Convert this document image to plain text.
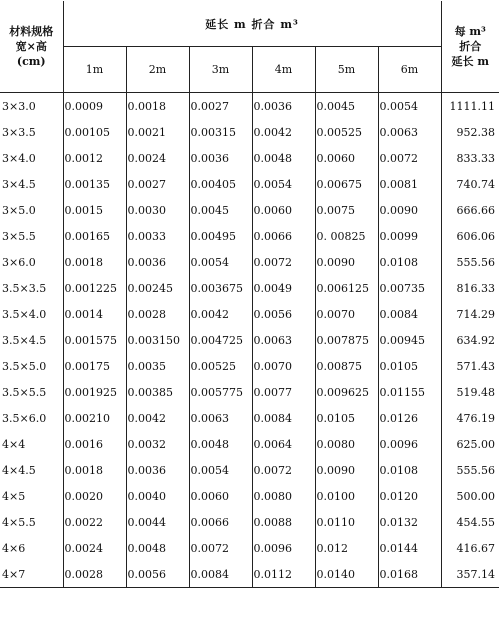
材料规格
宽×高
(cm)	延长 m 折合 m³						每 m³
折合
延长 m

	1m	2m	3m	4m	5m	6m	
3×3.0	0.0009	0.0018	0.0027	0.0036	0.0045	0.0054	1111.11
3×3.5	0.00105	0.0021	0.00315	0.0042	0.00525	0.0063	952.38
3×4.0	0.0012	0.0024	0.0036	0.0048	0.0060	0.0072	833.33
3×4.5	0.00135	0.0027	0.00405	0.0054	0.00675	0.0081	740.74
3×5.0	0.0015	0.0030	0.0045	0.0060	0.0075	0.0090	666.66
3×5.5	0.00165	0.0033	0.00495	0.0066	0. 00825	0.0099	606.06
3×6.0	0.0018	0.0036	0.0054	0.0072	0.0090	0.0108	555.56
3.5×3.5	0.001225	0.00245	0.003675	0.0049	0.006125	0.00735	816.33
3.5×4.0	0.0014	0.0028	0.0042	0.0056	0.0070	0.0084	714.29
3.5×4.5	0.001575	0.003150	0.004725	0.0063	0.007875	0.00945	634.92
3.5×5.0	0.00175	0.0035	0.00525	0.0070	0.00875	0.0105	571.43
3.5×5.5	0.001925	0.00385	0.005775	0.0077	0.009625	0.01155	519.48
3.5×6.0	0.00210	0.0042	0.0063	0.0084	0.0105	0.0126	476.19
4×4	0.0016	0.0032	0.0048	0.0064	0.0080	0.0096	625.00
4×4.5	0.0018	0.0036	0.0054	0.0072	0.0090	0.0108	555.56
4×5	0.0020	0.0040	0.0060	0.0080	0.0100	0.0120	500.00
4×5.5	0.0022	0.0044	0.0066	0.0088	0.0110	0.0132	454.55
4×6	0.0024	0.0048	0.0072	0.0096	0.012	0.0144	416.67
4×7	0.0028	0.0056	0.0084	0.0112	0.0140	0.0168	357.14
